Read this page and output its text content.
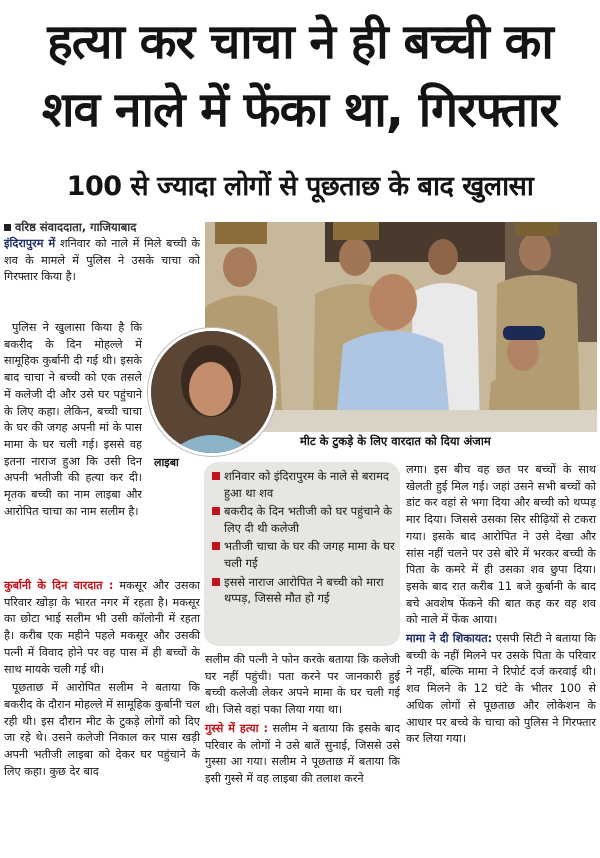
हत्या कर चाचा ने ही बच्ची का
शव नाले में फेंका था, गिरफ्तार
100 से ज्यादा लोगों से पूछताछ के बाद खुलासा
वरिष्ठ संवाददाता, गाजियाबाद
मीट के टुकड़े के लिए वारदात को दिया अंजाम

इंदिरापुरम में शनिवार को नाले में मिले बच्ची के शव के मामले में पुलिस ने उसके चाचा को गिरफ्तार किया है।

पुलिस ने खुलासा किया है कि बकरीद के दिन मोहल्ले में सामूहिक कुर्बानी दी गई थी। इसके बाद चाचा ने बच्ची को एक तसले में कलेजी दी और उसे घर पहुंचाने के लिए कहा। लेकिन, बच्ची चाचा के घर की जगह अपनी मां के पास मामा के घर चली गई। इससे वह इतना नाराज हुआ कि उसी दिन अपनी भतीजी की हत्या कर दी। मृतक बच्ची का नाम लाइबा और आरोपित चाचा का नाम सलीम है।

कुर्बानी के दिन वारदात : मकसूर और उसका परिवार खोड़ा के भारत नगर में रहता है। मकसूर का छोटा भाई सलीम भी उसी कॉलोनी में रहता है। करीब एक महीने पहले मकसूर और उसकी पत्नी में विवाद होने पर वह पास में ही बच्चों के साथ मायके चली गई थी।

पूछताछ में आरोपित सलीम ने बताया कि बकरीद के दौरान मोहल्ले में सामूहिक कुर्बानी चल रही थी। इस दौरान मीट के टुकड़े लोगों को दिए जा रहे थे। उसने कलेजी निकाल कर पास खड़ी अपनी भतीजी लाइबा को देकर घर पहुंचाने के लिए कहा। कुछ देर बाद

लाइबा
शनिवार को इंदिरापुरम के नाले से बरामद हुआ था शव
बकरीद के दिन भतीजी को घर पहुंचाने के लिए दी थी कलेजी
भतीजी चाचा के घर की जगह मामा के घर चली गई
इससे नाराज आरोपित ने बच्ची को मारा थप्पड़, जिससे मौत हो गई

सलीम की पत्नी ने फोन करके बताया कि कलेजी घर नहीं पहुंची। पता करने पर जानकारी हुई बच्ची कलेजी लेकर अपने मामा के घर चली गई थी। जिसे वहां पका लिया गया था।

गुस्से में हत्या : सलीम ने बताया कि इसके बाद परिवार के लोगों ने उसे बातें सुनाई, जिससे उसे गुस्सा आ गया। सलीम ने पूछताछ में बताया कि इसी गुस्से में वह लाइबा की तलाश करने

लगा। इस बीच वह छत पर बच्चों के साथ खेलती हुई मिल गई। जहां उसने सभी बच्चों को डांट कर वहां से भगा दिया और बच्ची को थप्पड़ मार दिया। जिससे उसका सिर सीढ़ियों से टकरा गया। इसके बाद आरोपित ने उसे देखा और सांस नहीं चलने पर उसे बोरे में भरकर बच्ची के पिता के कमरे में ही उसका शव छुपा दिया। इसके बाद रात करीब 11 बजे कुर्बानी के बाद बचे अवशेष फेंकने की बात कह कर वह शव को नाले में फेंक आया।

मामा ने दी शिकायत: एसपी सिटी ने बताया कि बच्ची के नहीं मिलने पर उसके पिता के परिवार ने नहीं, बल्कि मामा ने रिपोर्ट दर्ज करवाई थी। शव मिलने के 12 घंटे के भीतर 100 से अधिक लोगों से पूछताछ और लोकेशन के आधार पर बच्चे के चाचा को पुलिस ने गिरफ्तार कर लिया गया।
